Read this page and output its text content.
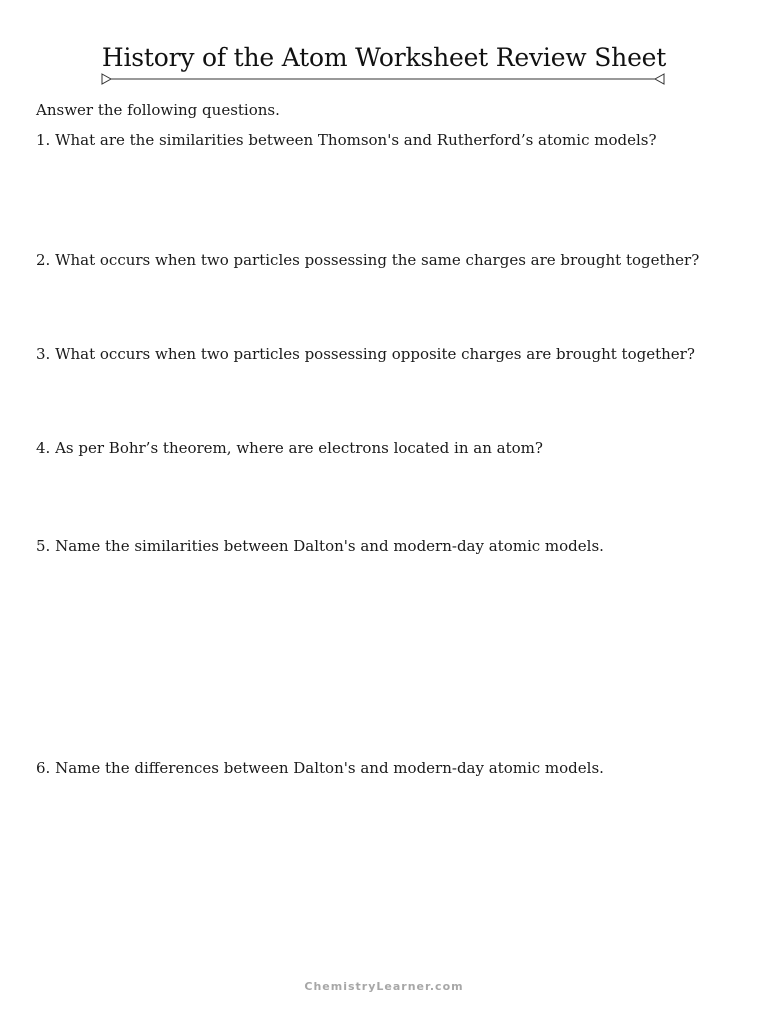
History of the Atom Worksheet Review Sheet
Answer the following questions.
1. What are the similarities between Thomson's and Rutherford’s atomic models?
2. What occurs when two particles possessing the same charges are brought together?
3. What occurs when two particles possessing opposite charges are brought together?
4. As per Bohr’s theorem, where are electrons located in an atom?
5. Name the similarities between Dalton's and modern-day atomic models.
6. Name the differences between Dalton's and modern-day atomic models.
ChemistryLearner.com
